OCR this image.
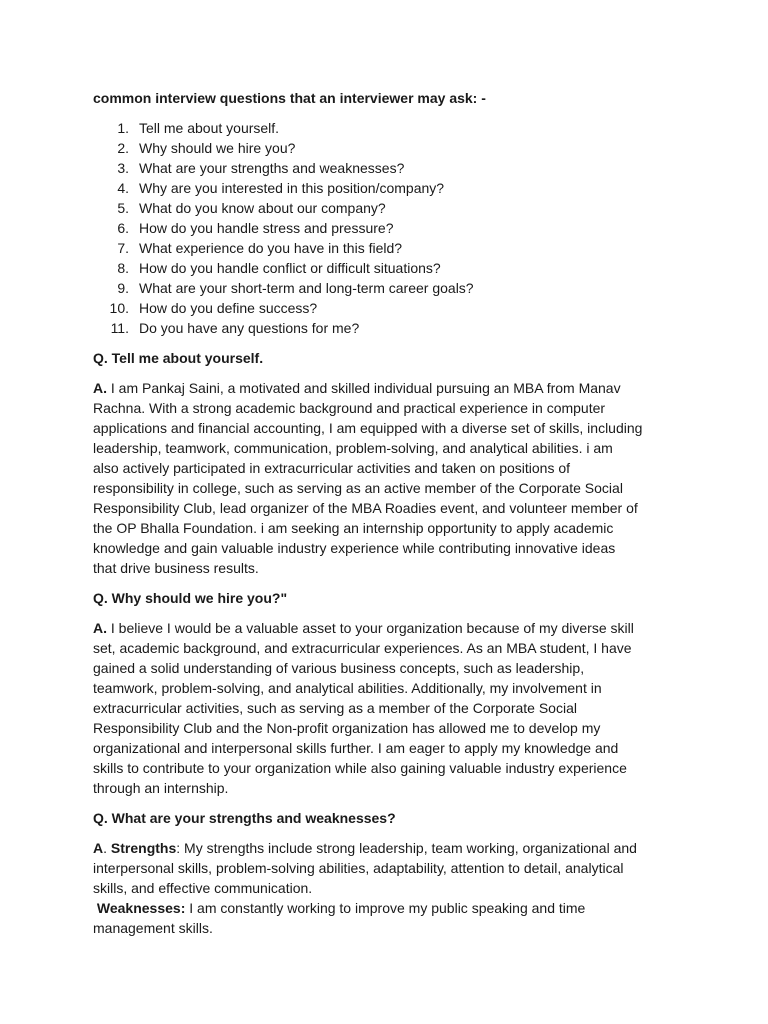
common interview questions that an interviewer may ask: -
1. Tell me about yourself.
2. Why should we hire you?
3. What are your strengths and weaknesses?
4. Why are you interested in this position/company?
5. What do you know about our company?
6. How do you handle stress and pressure?
7. What experience do you have in this field?
8. How do you handle conflict or difficult situations?
9. What are your short-term and long-term career goals?
10. How do you define success?
11. Do you have any questions for me?
Q. Tell me about yourself.
A. I am Pankaj Saini, a motivated and skilled individual pursuing an MBA from Manav
Rachna. With a strong academic background and practical experience in computer
applications and financial accounting, I am equipped with a diverse set of skills, including
leadership, teamwork, communication, problem-solving, and analytical abilities. i am
also actively participated in extracurricular activities and taken on positions of
responsibility in college, such as serving as an active member of the Corporate Social
Responsibility Club, lead organizer of the MBA Roadies event, and volunteer member of
the OP Bhalla Foundation. i am seeking an internship opportunity to apply academic
knowledge and gain valuable industry experience while contributing innovative ideas
that drive business results.
Q. Why should we hire you?"
A. I believe I would be a valuable asset to your organization because of my diverse skill
set, academic background, and extracurricular experiences. As an MBA student, I have
gained a solid understanding of various business concepts, such as leadership,
teamwork, problem-solving, and analytical abilities. Additionally, my involvement in
extracurricular activities, such as serving as a member of the Corporate Social
Responsibility Club and the Non-profit organization has allowed me to develop my
organizational and interpersonal skills further. I am eager to apply my knowledge and
skills to contribute to your organization while also gaining valuable industry experience
through an internship.
Q. What are your strengths and weaknesses?
A. Strengths: My strengths include strong leadership, team working, organizational and
interpersonal skills, problem-solving abilities, adaptability, attention to detail, analytical
skills, and effective communication.
Weaknesses: I am constantly working to improve my public speaking and time
management skills.
